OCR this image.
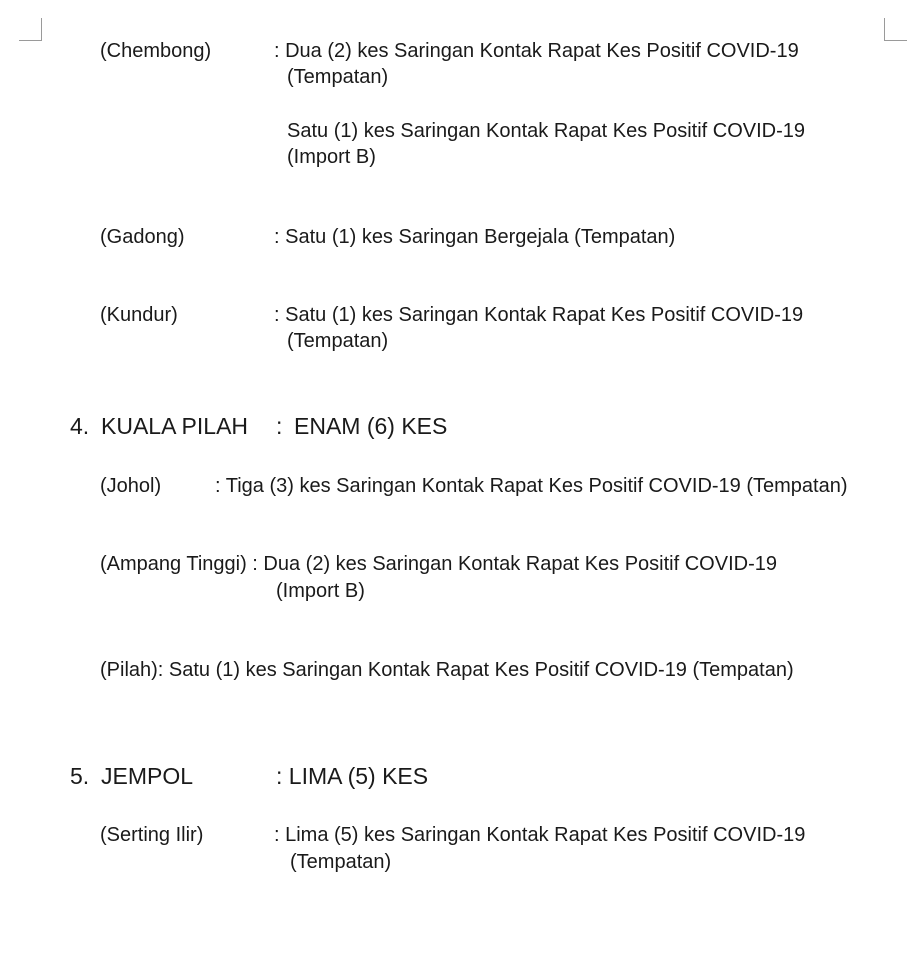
(Chembong)	: Dua (2) kes Saringan Kontak Rapat Kes Positif COVID-19
(Tempatan)
Satu (1) kes Saringan Kontak Rapat Kes Positif COVID-19
(Import B)
(Gadong)	: Satu (1) kes Saringan Bergejala (Tempatan)
(Kundur)	: Satu (1) kes Saringan Kontak Rapat Kes Positif COVID-19
(Tempatan)
4. KUALA PILAH : ENAM (6) KES
(Johol)	: Tiga (3) kes Saringan Kontak Rapat Kes Positif COVID-19 (Tempatan)
(Ampang Tinggi) : Dua (2) kes Saringan Kontak Rapat Kes Positif COVID-19
(Import B)
(Pilah): Satu (1) kes Saringan Kontak Rapat Kes Positif COVID-19 (Tempatan)
5. JEMPOL	: LIMA (5) KES
(Serting Ilir)	: Lima (5) kes Saringan Kontak Rapat Kes Positif COVID-19
(Tempatan)
